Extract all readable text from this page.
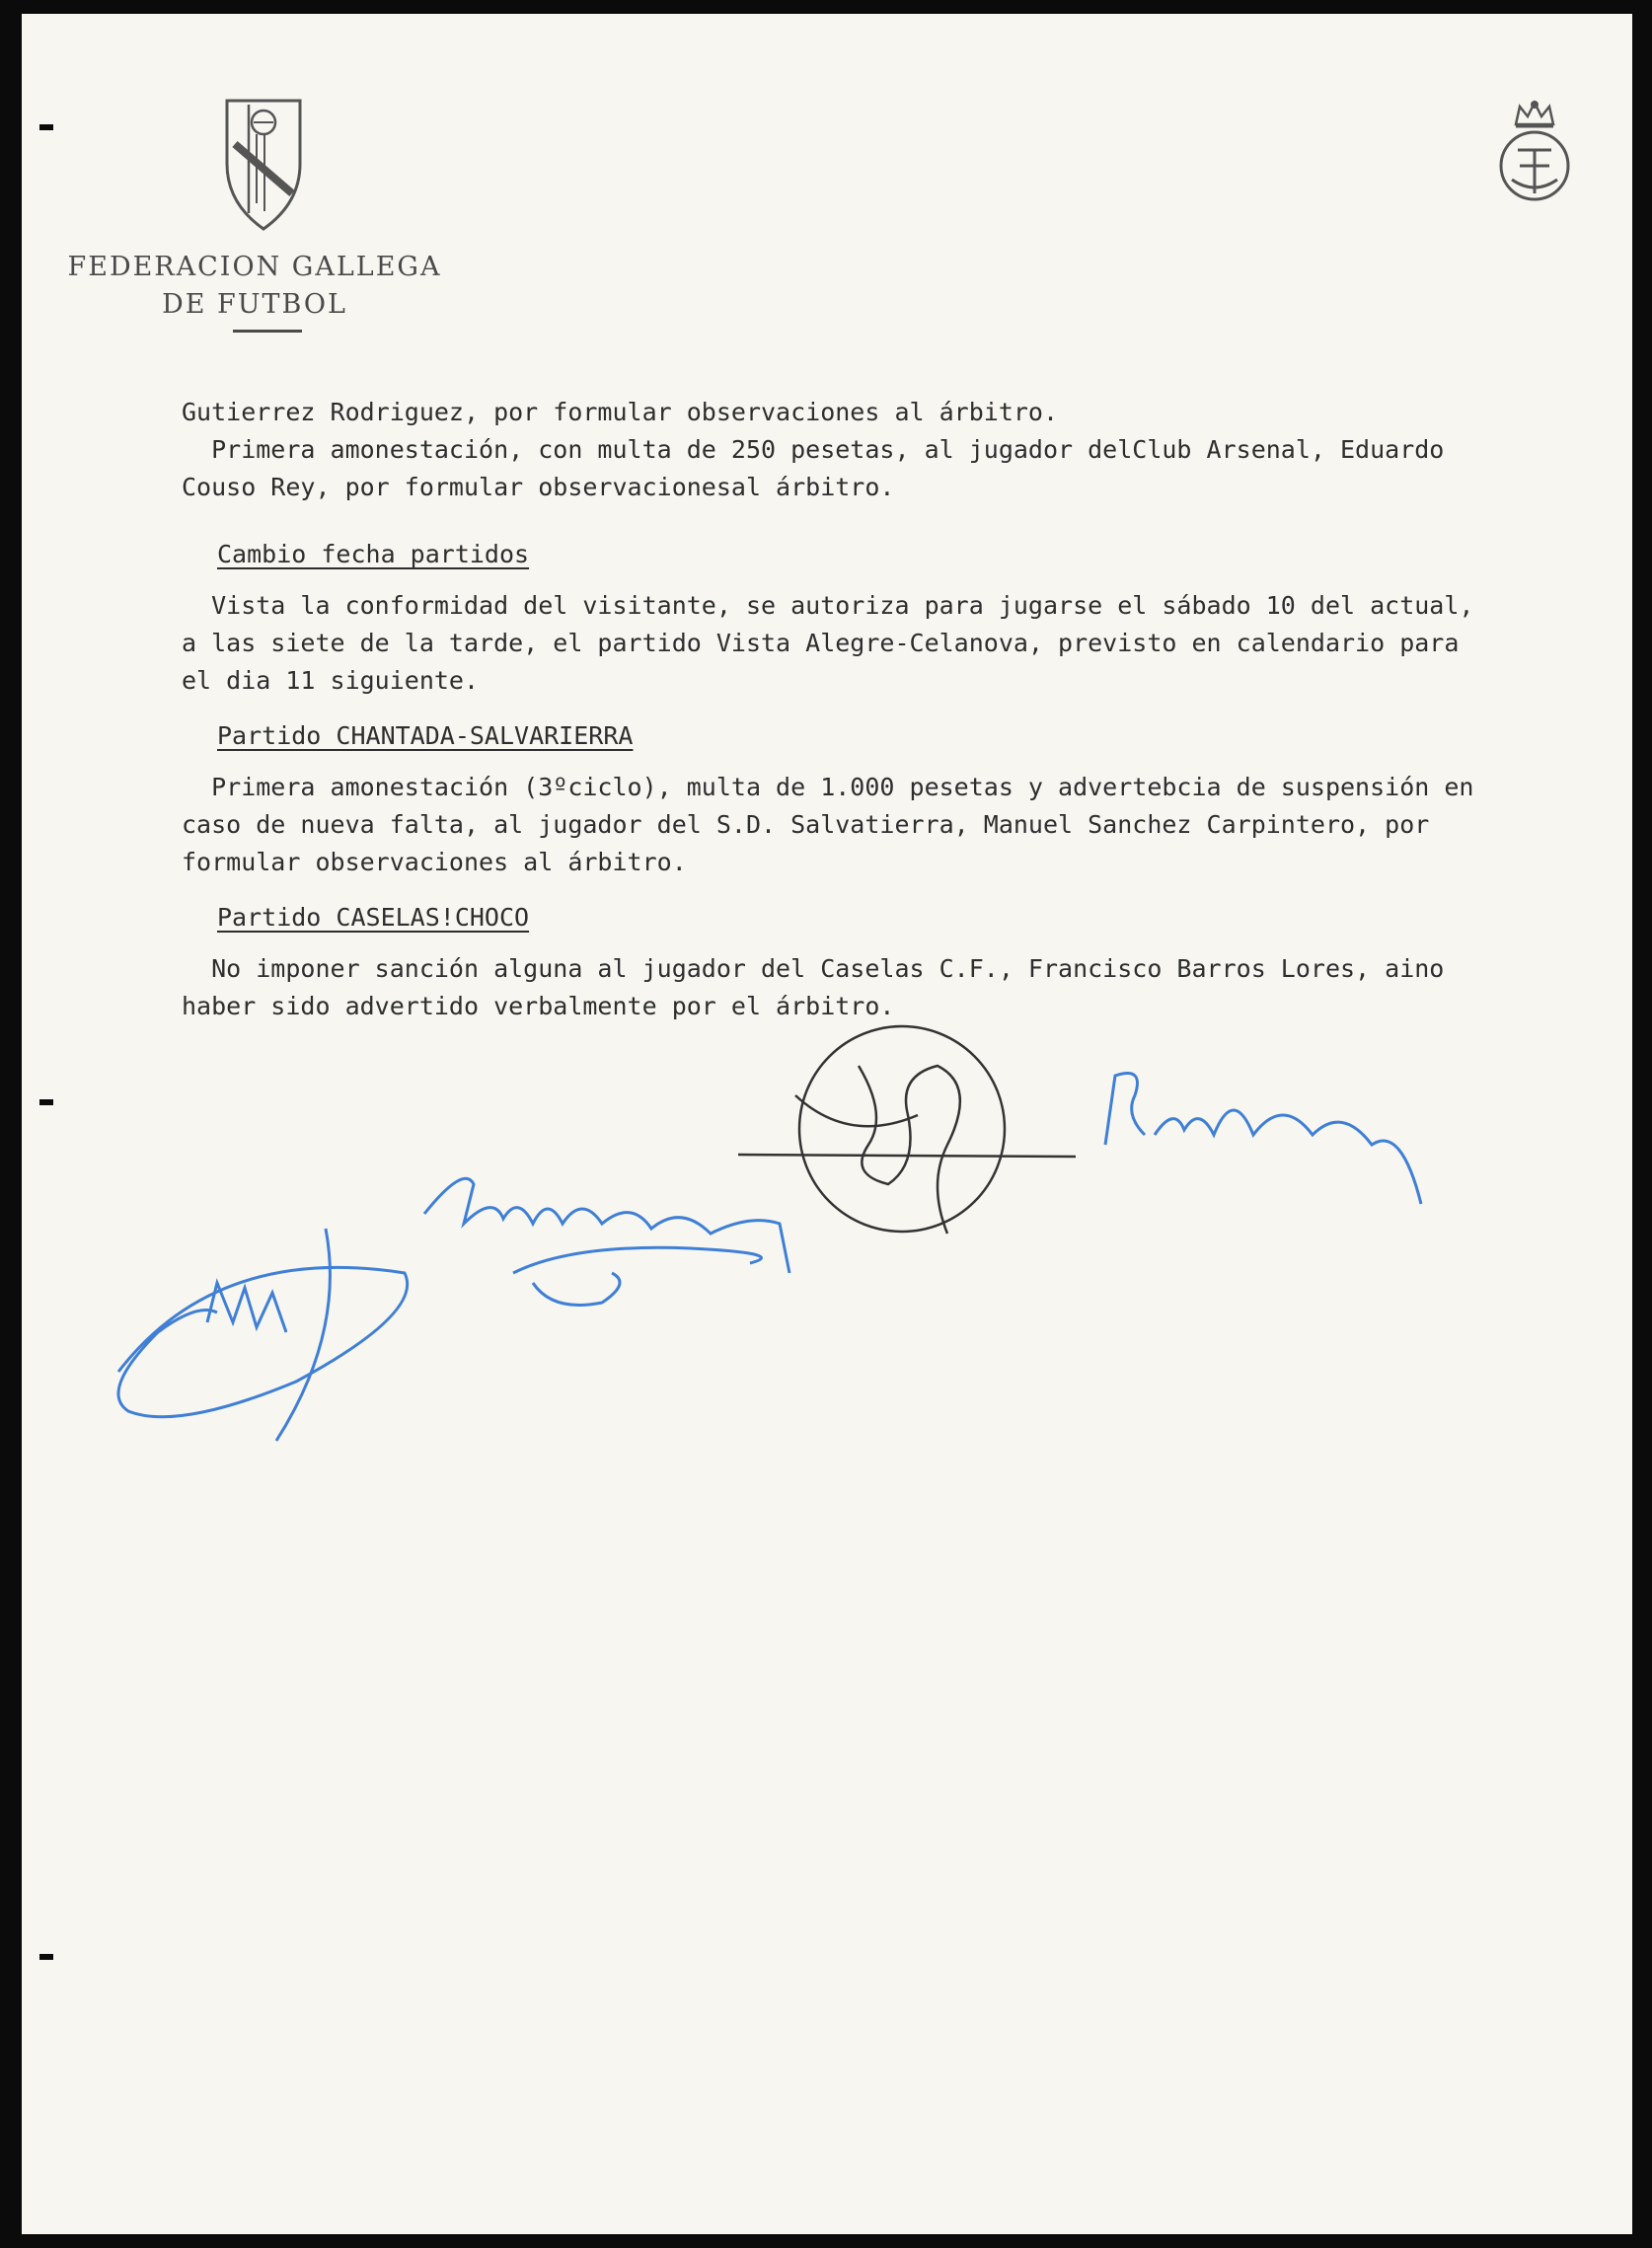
FEDERACION GALLEGA
DE FUTBOL

Gutierrez Rodriguez, por formular observaciones al árbitro.

Primera amonestación, con multa de 250 pesetas, al jugador delClub Arsenal, Eduardo

Couso Rey, por formular observacionesal árbitro.

Cambio fecha partidos

Vista la conformidad del visitante, se autoriza para jugarse el sábado 10 del actual,

a las siete de la tarde, el partido Vista Alegre-Celanova, previsto en calendario para

el dia 11 siguiente.

Partido CHANTADA-SALVARIERRA

Primera amonestación (3ºciclo), multa de 1.000 pesetas y advertebcia de suspensión en

caso de nueva falta, al jugador del S.D. Salvatierra, Manuel Sanchez Carpintero, por

formular observaciones al árbitro.

Partido CASELAS!CHOCO

No imponer sanción alguna al jugador del Caselas C.F., Francisco Barros Lores, aino

haber sido advertido verbalmente por el árbitro.
